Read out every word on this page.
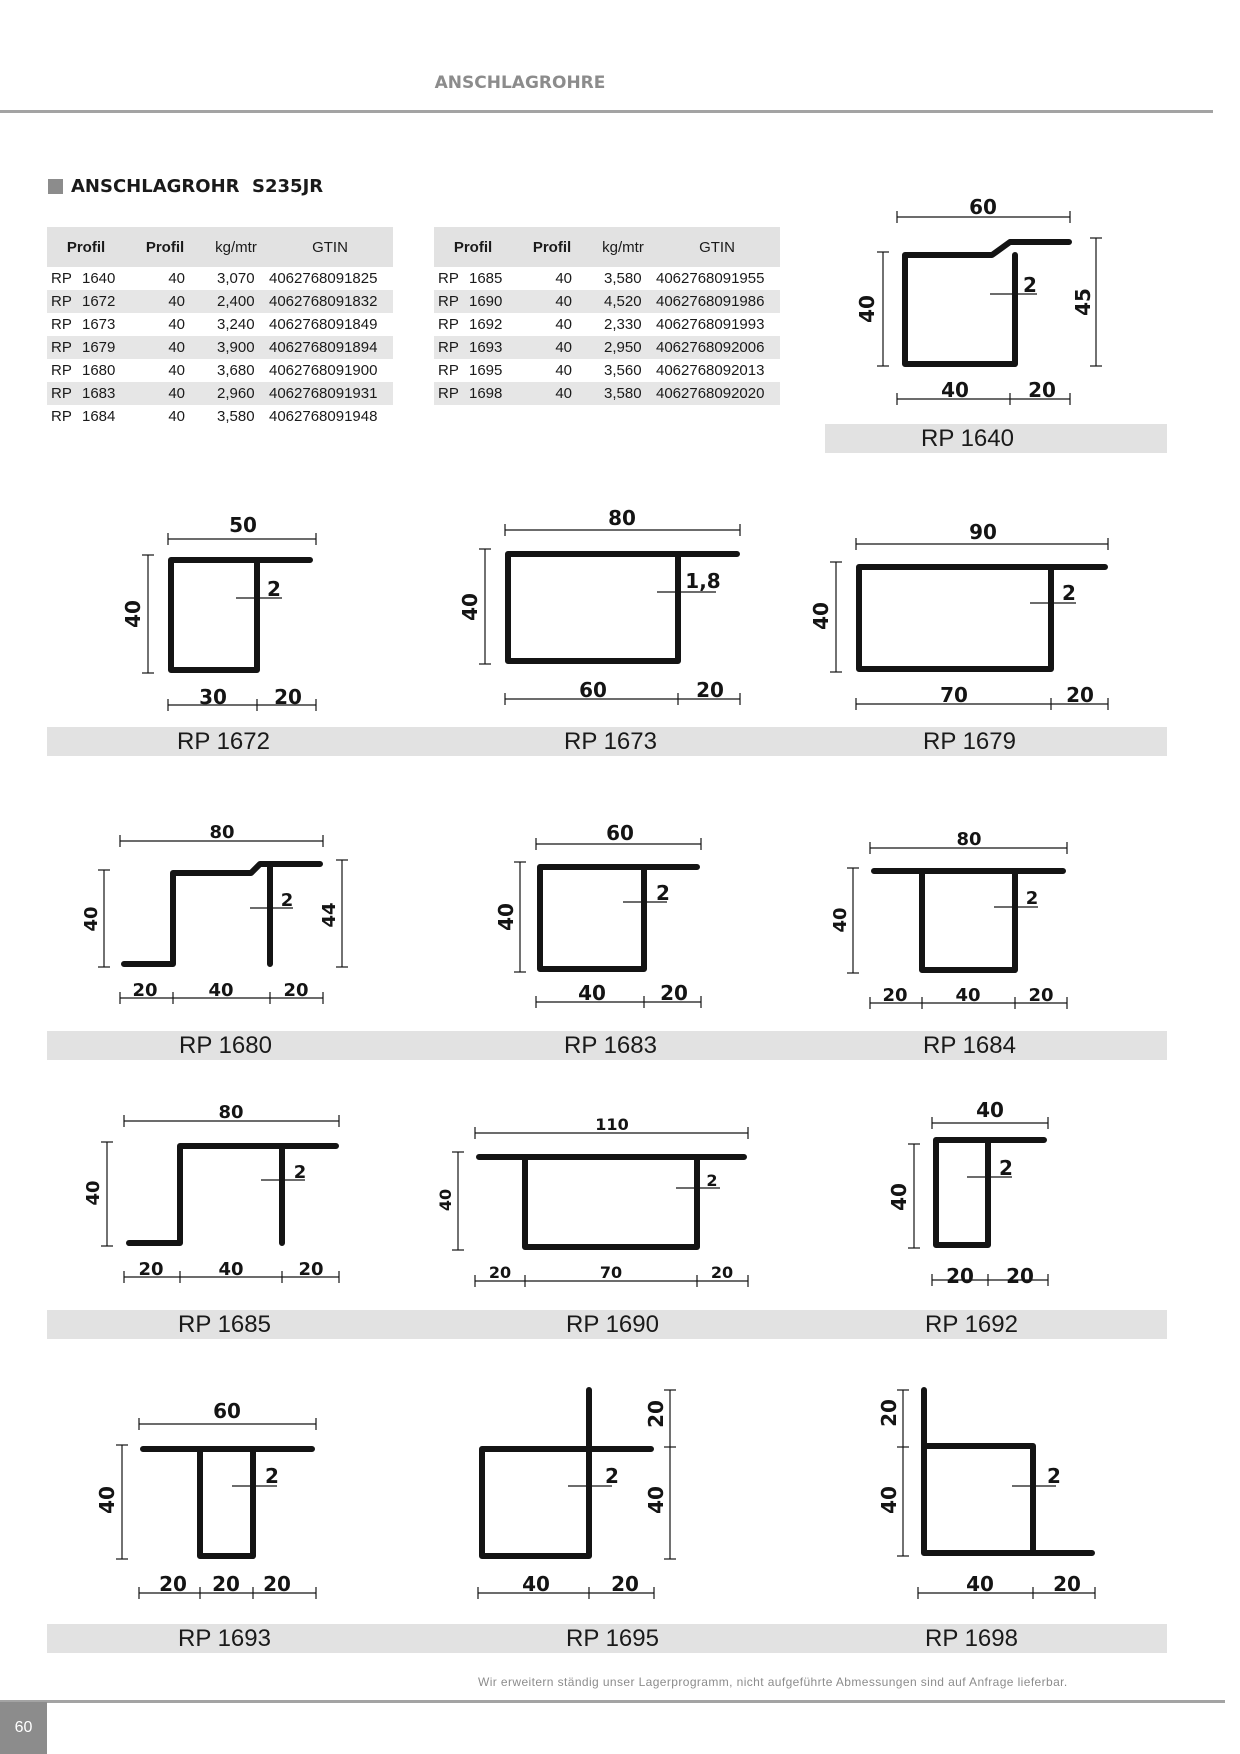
ANSCHLAGROHRE
ANSCHLAGROHR  S235JR
Profil	Profil	kg/mtr	GTIN
RP 1640	40	3,070	4062768091825
RP 1672	40	2,400	4062768091832
RP 1673	40	3,240	4062768091849
RP 1679	40	3,900	4062768091894
RP 1680	40	3,680	4062768091900
RP 1683	40	2,960	4062768091931
RP 1684	40	3,580	4062768091948
Profil	Profil	kg/mtr	GTIN
RP 1685	40	3,580	4062768091955
RP 1690	40	4,520	4062768091986
RP 1692	40	2,330	4062768091993
RP 1693	40	2,950	4062768092006
RP 1695	40	3,560	4062768092013
RP 1698	40	3,580	4062768092020
RP 1640
RP 1672	RP 1673	RP 1679
RP 1680	RP 1683	RP 1684
RP 1685	RP 1690	RP 1692
RP 1693	RP 1695	RP 1698
60
40	45
2
40	20
50
40
2
30 20
80
40
1,8
60	20
90
40
2
70	20
80
40	44
2
20	40	20
60
40
2
40	20
80
40
2
20	40	20
80
40
2
20	40	20
110
40
2
20	70	20
40
40
2
20 20
60
40
2
20 20 20
20
40
2
40	20
20
40
2
40	20
Wir erweitern ständig unser Lagerprogramm, nicht aufgeführte Abmessungen sind auf Anfrage lieferbar.
60
